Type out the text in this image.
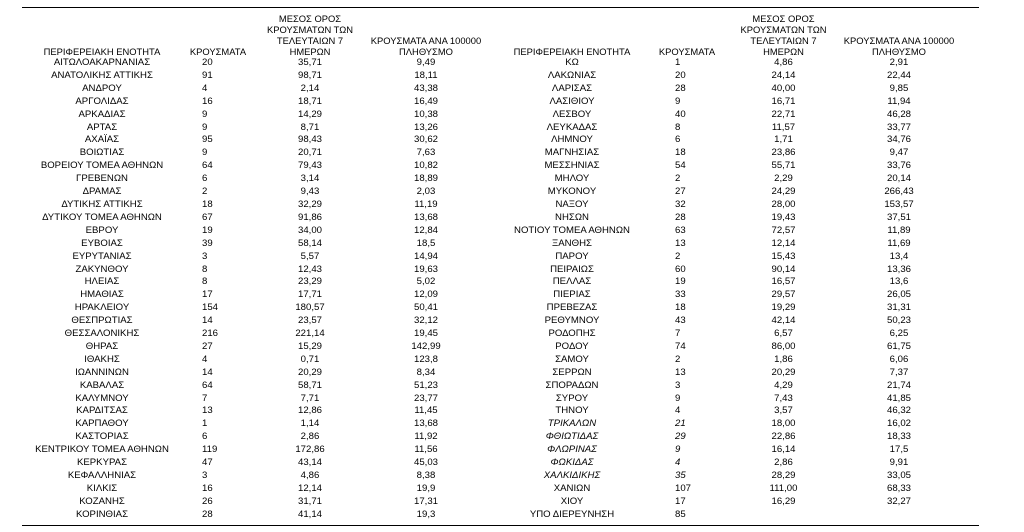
ΠΕΡΙΦΕΡΕΙΑΚΗ ΕΝΟΤΗΤΑ	ΚΡΟΥΣΜΑΤΑ	ΜΕΣΟΣ ΟΡΟΣ ΚΡΟΥΣΜΑΤΩΝ ΤΩΝ ΤΕΛΕΥΤΑΙΩΝ 7 ΗΜΕΡΩΝ	ΚΡΟΥΣΜΑΤΑ ΑΝΑ 100000 ΠΛΗΘΥΣΜΟ
ΑΙΤΩΛΟΑΚΑΡΝΑΝΙΑΣ	20	35,71	9,49
ΑΝΑΤΟΛΙΚΗΣ ΑΤΤΙΚΗΣ	91	98,71	18,11
ΑΝΔΡΟΥ	4	2,14	43,38
ΑΡΓΟΛΙΔΑΣ	16	18,71	16,49
ΑΡΚΑΔΙΑΣ	9	14,29	10,38
ΑΡΤΑΣ	9	8,71	13,26
ΑΧΑΪΑΣ	95	98,43	30,62
ΒΟΙΩΤΙΑΣ	9	20,71	7,63
ΒΟΡΕΙΟΥ ΤΟΜΕΑ ΑΘΗΝΩΝ	64	79,43	10,82
ΓΡΕΒΕΝΩΝ	6	3,14	18,89
ΔΡΑΜΑΣ	2	9,43	2,03
ΔΥΤΙΚΗΣ ΑΤΤΙΚΗΣ	18	32,29	11,19
ΔΥΤΙΚΟΥ ΤΟΜΕΑ ΑΘΗΝΩΝ	67	91,86	13,68
ΕΒΡΟΥ	19	34,00	12,84
ΕΥΒΟΙΑΣ	39	58,14	18,5
ΕΥΡΥΤΑΝΙΑΣ	3	5,57	14,94
ΖΑΚΥΝΘΟΥ	8	12,43	19,63
ΗΛΕΙΑΣ	8	23,29	5,02
ΗΜΑΘΙΑΣ	17	17,71	12,09
ΗΡΑΚΛΕΙΟΥ	154	180,57	50,41
ΘΕΣΠΡΩΤΙΑΣ	14	23,57	32,12
ΘΕΣΣΑΛΟΝΙΚΗΣ	216	221,14	19,45
ΘΗΡΑΣ	27	15,29	142,99
ΙΘΑΚΗΣ	4	0,71	123,8
ΙΩΑΝΝΙΝΩΝ	14	20,29	8,34
ΚΑΒΑΛΑΣ	64	58,71	51,23
ΚΑΛΥΜΝΟΥ	7	7,71	23,77
ΚΑΡΔΙΤΣΑΣ	13	12,86	11,45
ΚΑΡΠΑΘΟΥ	1	1,14	13,68
ΚΑΣΤΟΡΙΑΣ	6	2,86	11,92
ΚΕΝΤΡΙΚΟΥ ΤΟΜΕΑ ΑΘΗΝΩΝ	119	172,86	11,56
ΚΕΡΚΥΡΑΣ	47	43,14	45,03
ΚΕΦΑΛΛΗΝΙΑΣ	3	4,86	8,38
ΚΙΛΚΙΣ	16	12,14	19,9
ΚΟΖΑΝΗΣ	26	31,71	17,31
ΚΟΡΙΝΘΙΑΣ	28	41,14	19,3
ΠΕΡΙΦΕΡΕΙΑΚΗ ΕΝΟΤΗΤΑ	ΚΡΟΥΣΜΑΤΑ	ΜΕΣΟΣ ΟΡΟΣ ΚΡΟΥΣΜΑΤΩΝ ΤΩΝ ΤΕΛΕΥΤΑΙΩΝ 7 ΗΜΕΡΩΝ	ΚΡΟΥΣΜΑΤΑ ΑΝΑ 100000 ΠΛΗΘΥΣΜΟ
ΚΩ	1	4,86	2,91
ΛΑΚΩΝΙΑΣ	20	24,14	22,44
ΛΑΡΙΣΑΣ	28	40,00	9,85
ΛΑΣΙΘΙΟΥ	9	16,71	11,94
ΛΕΣΒΟΥ	40	22,71	46,28
ΛΕΥΚΑΔΑΣ	8	11,57	33,77
ΛΗΜΝΟΥ	6	1,71	34,76
ΜΑΓΝΗΣΙΑΣ	18	23,86	9,47
ΜΕΣΣΗΝΙΑΣ	54	55,71	33,76
ΜΗΛΟΥ	2	2,29	20,14
ΜΥΚΟΝΟΥ	27	24,29	266,43
ΝΑΞΟΥ	32	28,00	153,57
ΝΗΣΩΝ	28	19,43	37,51
ΝΟΤΙΟΥ ΤΟΜΕΑ ΑΘΗΝΩΝ	63	72,57	11,89
ΞΑΝΘΗΣ	13	12,14	11,69
ΠΑΡΟΥ	2	15,43	13,4
ΠΕΙΡΑΙΩΣ	60	90,14	13,36
ΠΕΛΛΑΣ	19	16,57	13,6
ΠΙΕΡΙΑΣ	33	29,57	26,05
ΠΡΕΒΕΖΑΣ	18	19,29	31,31
ΡΕΘΥΜΝΟΥ	43	42,14	50,23
ΡΟΔΟΠΗΣ	7	6,57	6,25
ΡΟΔΟΥ	74	86,00	61,75
ΣΑΜΟΥ	2	1,86	6,06
ΣΕΡΡΩΝ	13	20,29	7,37
ΣΠΟΡΑΔΩΝ	3	4,29	21,74
ΣΥΡΟΥ	9	7,43	41,85
ΤΗΝΟΥ	4	3,57	46,32
ΤΡΙΚΑΛΩΝ	21	18,00	16,02
ΦΘΙΩΤΙΔΑΣ	29	22,86	18,33
ΦΛΩΡΙΝΑΣ	9	16,14	17,5
ΦΩΚΙΔΑΣ	4	2,86	9,91
ΧΑΛΚΙΔΙΚΗΣ	35	28,29	33,05
ΧΑΝΙΩΝ	107	111,00	68,33
ΧΙΟΥ	17	16,29	32,27
ΥΠΟ ΔΙΕΡΕΥΝΗΣΗ	85		
